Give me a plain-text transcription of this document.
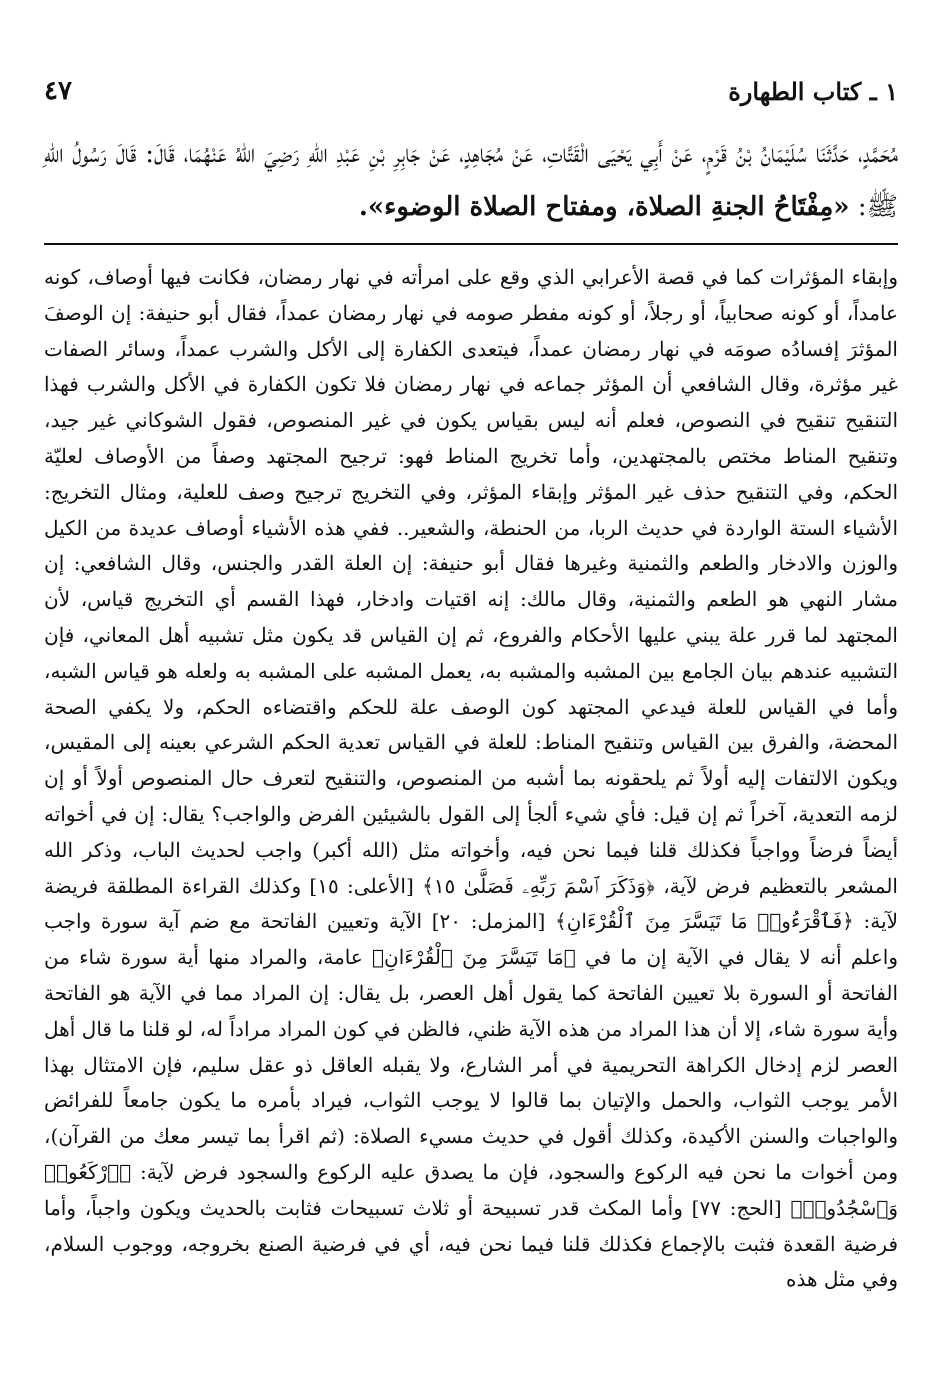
١ ـ كتاب الطهارة
٤٧
مُحَمَّدٍ، حَدَّثَنَا سُلَيْمَانُ بْنُ قَرْمٍ، عَنْ أَبِي يَحْيَى الْقَتَّاتِ، عَنْ مُجَاهِدٍ، عَنْ جَابِرِ بْنِ عَبْدِ اللهِ رَضِيَ اللهُ عَنْهُمَا، قَالَ: قَالَ رَسُولُ اللهِ ﷺ: «مِفْتَاحُ الجنةِ الصلاة، ومفتاح الصلاة الوضوء».

وإبقاء المؤثرات كما في قصة الأعرابي الذي وقع على امرأته في نهار رمضان، فكانت فيها أوصاف، كونه عامداً، أو كونه صحابياً، أو رجلاً، أو كونه مفطر صومه في نهار رمضان عمداً، فقال أبو حنيفة: إن الوصفَ المؤثرَ إفسادُه صومَه في نهار رمضان عمداً، فيتعدى الكفارة إلى الأكل والشرب عمداً، وسائر الصفات غير مؤثرة، وقال الشافعي أن المؤثر جماعه في نهار رمضان فلا تكون الكفارة في الأكل والشرب فهذا التنقيح تنقيح في النصوص، فعلم أنه ليس بقياس يكون في غير المنصوص، فقول الشوكاني غير جيد، وتنقيح المناط مختص بالمجتهدين، وأما تخريج المناط فهو: ترجيح المجتهد وصفاً من الأوصاف لعليّة الحكم، وفي التنقيح حذف غير المؤثر وإبقاء المؤثر، وفي التخريج ترجيح وصف للعلية، ومثال التخريج: الأشياء الستة الواردة في حديث الربا، من الحنطة، والشعير.. ففي هذه الأشياء أوصاف عديدة من الكيل والوزن والادخار والطعم والثمنية وغيرها فقال أبو حنيفة: إن العلة القدر والجنس، وقال الشافعي: إن مشار النهي هو الطعم والثمنية، وقال مالك: إنه اقتيات وادخار، فهذا القسم أي التخريج قياس، لأن المجتهد لما قرر علة يبني عليها الأحكام والفروع، ثم إن القياس قد يكون مثل تشبيه أهل المعاني، فإن التشبيه عندهم بيان الجامع بين المشبه والمشبه به، يعمل المشبه على المشبه به ولعله هو قياس الشبه، وأما في القياس للعلة فيدعي المجتهد كون الوصف علة للحكم واقتضاءه الحكم، ولا يكفي الصحة المحضة، والفرق بين القياس وتنقيح المناط: للعلة في القياس تعدية الحكم الشرعي بعينه إلى المقيس، ويكون الالتفات إليه أولاً ثم يلحقونه بما أشبه من المنصوص، والتنقيح لتعرف حال المنصوص أولاً أو إن لزمه التعدية، آخراً ثم إن قيل: فأي شيء ألجأ إلى القول بالشيئين الفرض والواجب؟ يقال: إن في أخواته أيضاً فرضاً وواجباً فكذلك قلنا فيما نحن فيه، وأخواته مثل (الله أكبر) واجب لحديث الباب، وذكر الله المشعر بالتعظيم فرض لآية، ﴿وَذَكَرَ ٱسْمَ رَبِّهِۦ فَصَلَّىٰ ١٥﴾ [الأعلى: ١٥] وكذلك القراءة المطلقة فريضة لآية: ﴿فَٱقْرَءُوا۟ مَا تَيَسَّرَ مِنَ ٱلْقُرْءَانِ﴾ [المزمل: ٢٠] الآية وتعيين الفاتحة مع ضم آية سورة واجب واعلم أنه لا يقال في الآية إن ما في ﴿مَا تَيَسَّرَ مِنَ ٱلْقُرْءَانِ﴾ عامة، والمراد منها أية سورة شاء من الفاتحة أو السورة بلا تعيين الفاتحة كما يقول أهل العصر، بل يقال: إن المراد مما في الآية هو الفاتحة وأية سورة شاء، إلا أن هذا المراد من هذه الآية ظني، فالظن في كون المراد مراداً له، لو قلنا ما قال أهل العصر لزم إدخال الكراهة التحريمية في أمر الشارع، ولا يقبله العاقل ذو عقل سليم، فإن الامتثال بهذا الأمر يوجب الثواب، والحمل والإتيان بما قالوا لا يوجب الثواب، فيراد بأمره ما يكون جامعاً للفرائض والواجبات والسنن الأكيدة، وكذلك أقول في حديث مسيء الصلاة: (ثم اقرأ بما تيسر معك من القرآن)، ومن أخوات ما نحن فيه الركوع والسجود، فإن ما يصدق عليه الركوع والسجود فرض لآية: ﴿ٱرْكَعُوا۟ وَٱسْجُدُوا۟﴾ [الحج: ٧٧] وأما المكث قدر تسبيحة أو ثلاث تسبيحات فثابت بالحديث ويكون واجباً، وأما فرضية القعدة فثبت بالإجماع فكذلك قلنا فيما نحن فيه، أي في فرضية الصنع بخروجه، ووجوب السلام، وفي مثل هذه
